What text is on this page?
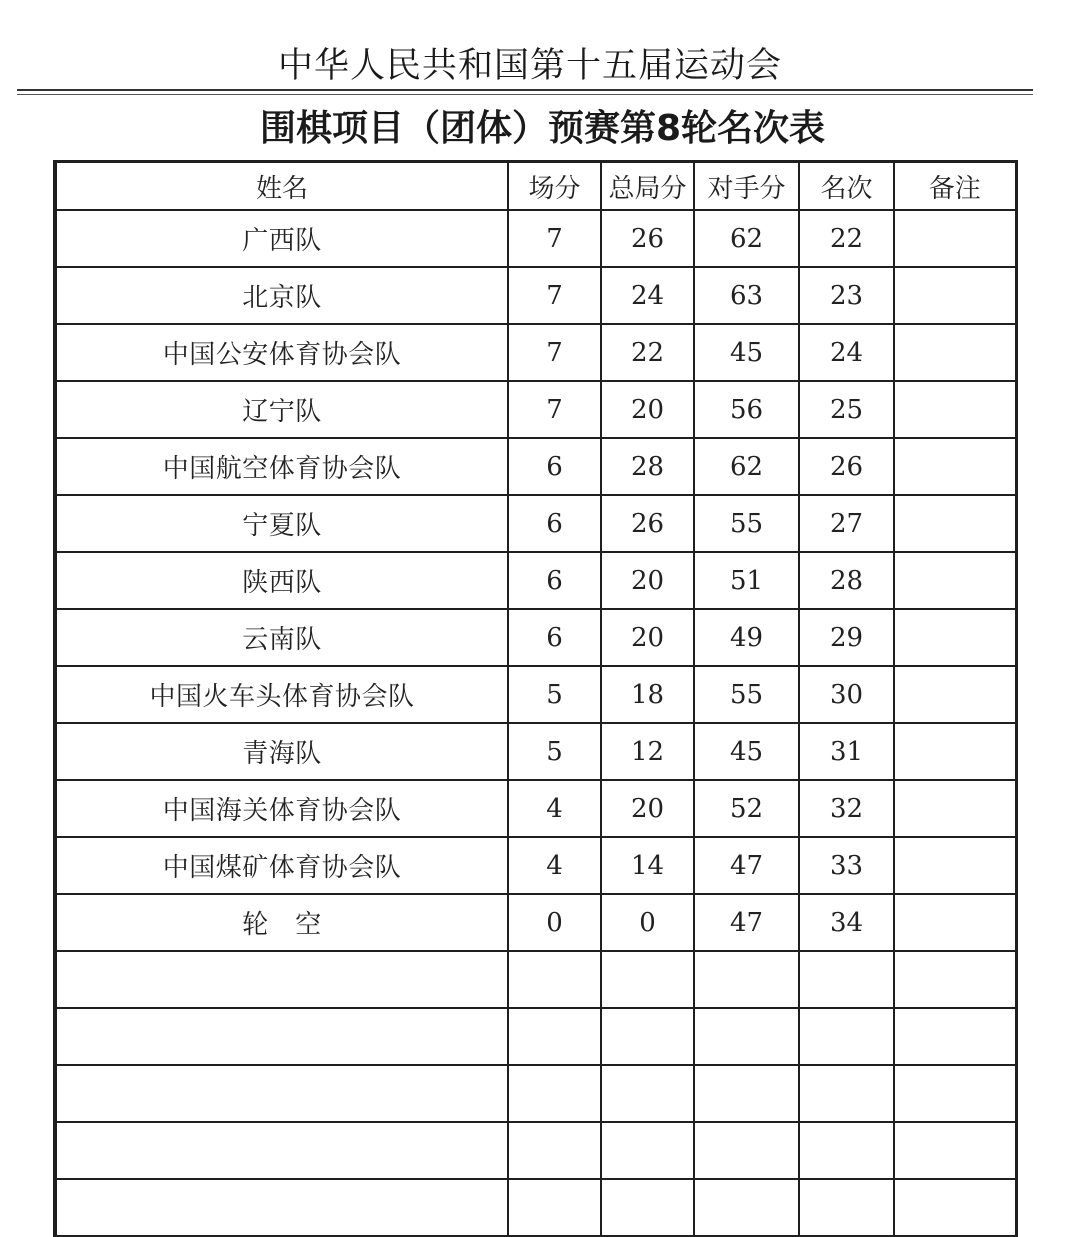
中华人民共和国第十五届运动会
围棋项目（团体）预赛第8轮名次表
姓名	场分	总局分	对手分	名次	备注
广西队	7	26	62	22	
北京队	7	24	63	23	
中国公安体育协会队	7	22	45	24	
辽宁队	7	20	56	25	
中国航空体育协会队	6	28	62	26	
宁夏队	6	26	55	27	
陕西队	6	20	51	28	
云南队	6	20	49	29	
中国火车头体育协会队	5	18	55	30	
青海队	5	12	45	31	
中国海关体育协会队	4	20	52	32	
中国煤矿体育协会队	4	14	47	33	
轮　空	0	0	47	34	
